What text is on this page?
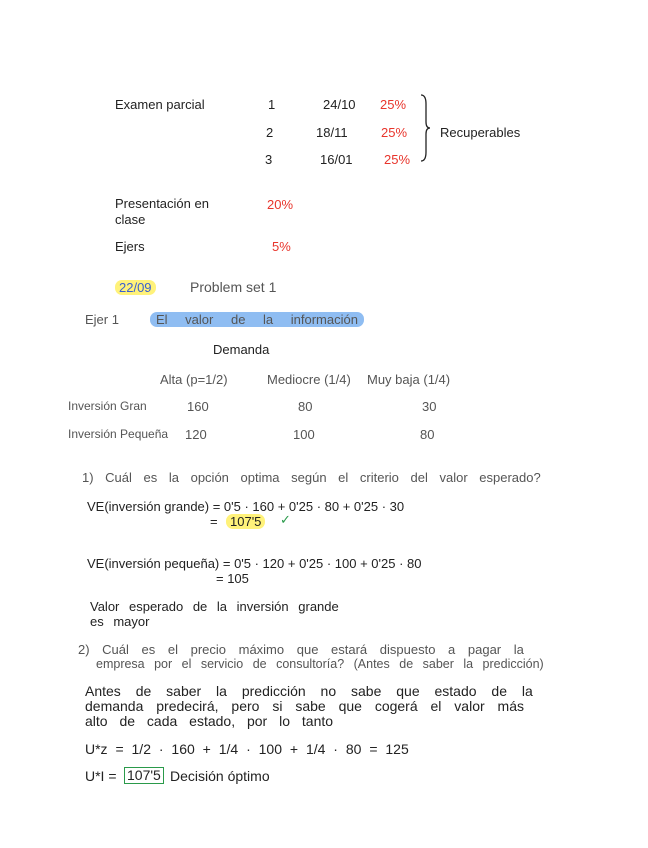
Examen parcial	1	24/10 25%
2	18/11	25%
3	16/01 25%
Recuperables
Presentación en
clase
20%
Ejers	5%
22/09	Problem set 1
Ejer 1	El valor de la información
Demanda
Alta (p=1/2)	Mediocre (1/4) Muy baja (1/4)
Inversión Gran	160	80	30
Inversión Pequeña 120	100	80
1) Cuál es la opción optima según el criterio del valor esperado?
VE(inversión grande) = 0'5 · 160 + 0'25 · 80 + 0'25 · 30
= 107'5	✓
VE(inversión pequeña) = 0'5 · 120 + 0'25 · 100 + 0'25 · 80
= 105
Valor esperado de la inversión grande
es mayor
2) Cuál es el precio máximo que estará dispuesto a pagar la
empresa por el servicio de consultoría? (Antes de saber la predicción)
Antes de saber la predicción no sabe que estado de la
demanda predecirá, pero si sabe que cogerá el valor más
alto de cada estado, por lo tanto
U*z = 1/2 · 160 + 1/4 · 100 + 1/4 · 80 = 125
U*I = 107'5 Decisión óptimo
